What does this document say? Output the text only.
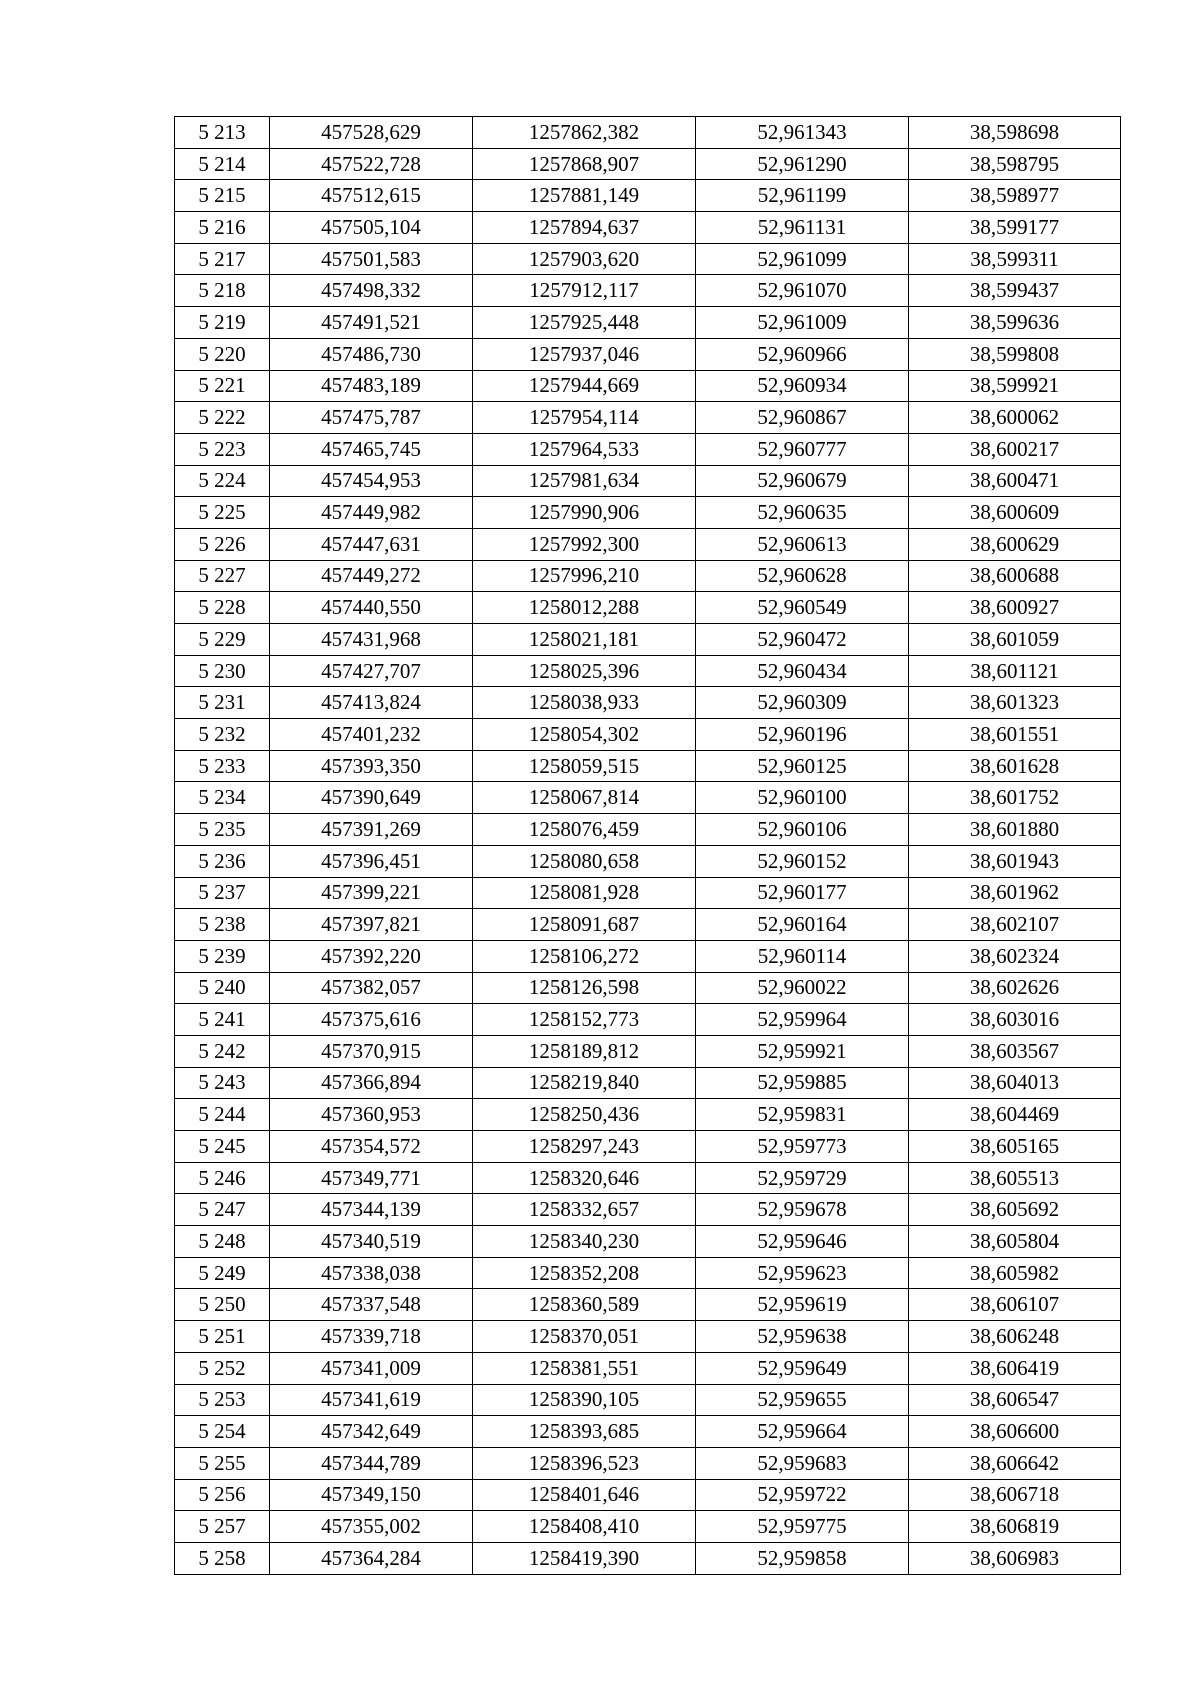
5 213	457528,629	1257862,382	52,961343	38,598698
5 214	457522,728	1257868,907	52,961290	38,598795
5 215	457512,615	1257881,149	52,961199	38,598977
5 216	457505,104	1257894,637	52,961131	38,599177
5 217	457501,583	1257903,620	52,961099	38,599311
5 218	457498,332	1257912,117	52,961070	38,599437
5 219	457491,521	1257925,448	52,961009	38,599636
5 220	457486,730	1257937,046	52,960966	38,599808
5 221	457483,189	1257944,669	52,960934	38,599921
5 222	457475,787	1257954,114	52,960867	38,600062
5 223	457465,745	1257964,533	52,960777	38,600217
5 224	457454,953	1257981,634	52,960679	38,600471
5 225	457449,982	1257990,906	52,960635	38,600609
5 226	457447,631	1257992,300	52,960613	38,600629
5 227	457449,272	1257996,210	52,960628	38,600688
5 228	457440,550	1258012,288	52,960549	38,600927
5 229	457431,968	1258021,181	52,960472	38,601059
5 230	457427,707	1258025,396	52,960434	38,601121
5 231	457413,824	1258038,933	52,960309	38,601323
5 232	457401,232	1258054,302	52,960196	38,601551
5 233	457393,350	1258059,515	52,960125	38,601628
5 234	457390,649	1258067,814	52,960100	38,601752
5 235	457391,269	1258076,459	52,960106	38,601880
5 236	457396,451	1258080,658	52,960152	38,601943
5 237	457399,221	1258081,928	52,960177	38,601962
5 238	457397,821	1258091,687	52,960164	38,602107
5 239	457392,220	1258106,272	52,960114	38,602324
5 240	457382,057	1258126,598	52,960022	38,602626
5 241	457375,616	1258152,773	52,959964	38,603016
5 242	457370,915	1258189,812	52,959921	38,603567
5 243	457366,894	1258219,840	52,959885	38,604013
5 244	457360,953	1258250,436	52,959831	38,604469
5 245	457354,572	1258297,243	52,959773	38,605165
5 246	457349,771	1258320,646	52,959729	38,605513
5 247	457344,139	1258332,657	52,959678	38,605692
5 248	457340,519	1258340,230	52,959646	38,605804
5 249	457338,038	1258352,208	52,959623	38,605982
5 250	457337,548	1258360,589	52,959619	38,606107
5 251	457339,718	1258370,051	52,959638	38,606248
5 252	457341,009	1258381,551	52,959649	38,606419
5 253	457341,619	1258390,105	52,959655	38,606547
5 254	457342,649	1258393,685	52,959664	38,606600
5 255	457344,789	1258396,523	52,959683	38,606642
5 256	457349,150	1258401,646	52,959722	38,606718
5 257	457355,002	1258408,410	52,959775	38,606819
5 258	457364,284	1258419,390	52,959858	38,606983
